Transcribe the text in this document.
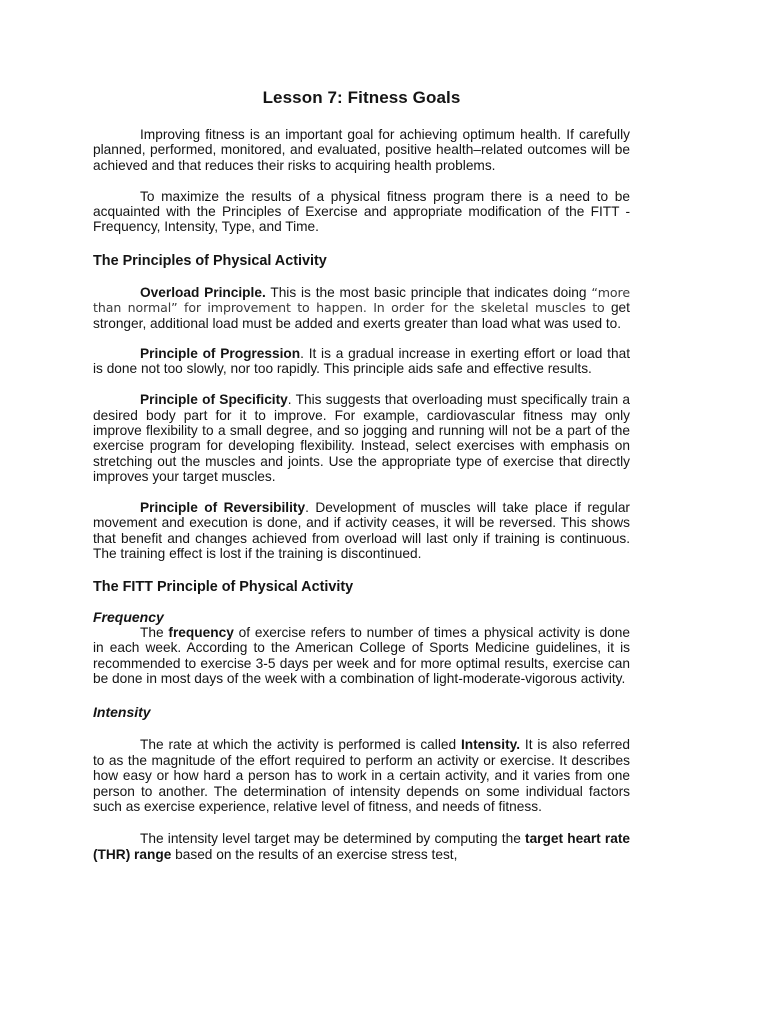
Lesson 7: Fitness Goals

Improving fitness is an important goal for achieving optimum health. If carefully planned, performed, monitored, and evaluated, positive health–related outcomes will be achieved and that reduces their risks to acquiring health problems.

To maximize the results of a physical fitness program there is a need to be acquainted with the Principles of Exercise and appropriate modification of the FITT - Frequency, Intensity, Type, and Time.

The Principles of Physical Activity

Overload Principle. This is the most basic principle that indicates doing “more than normal” for improvement to happen. In order for the skeletal muscles to get stronger, additional load must be added and exerts greater than load what was used to.

Principle of Progression. It is a gradual increase in exerting effort or load that is done not too slowly, nor too rapidly. This principle aids safe and effective results.

Principle of Specificity. This suggests that overloading must specifically train a desired body part for it to improve. For example, cardiovascular fitness may only improve flexibility to a small degree, and so jogging and running will not be a part of the exercise program for developing flexibility. Instead, select exercises with emphasis on stretching out the muscles and joints. Use the appropriate type of exercise that directly improves your target muscles.

Principle of Reversibility. Development of muscles will take place if regular movement and execution is done, and if activity ceases, it will be reversed. This shows that benefit and changes achieved from overload will last only if training is continuous. The training effect is lost if the training is discontinued.

The FITT Principle of Physical Activity
Frequency

The frequency of exercise refers to number of times a physical activity is done in each week. According to the American College of Sports Medicine guidelines, it is recommended to exercise 3-5 days per week and for more optimal results, exercise can be done in most days of the week with a combination of light-moderate-vigorous activity.

Intensity

The rate at which the activity is performed is called Intensity. It is also referred to as the magnitude of the effort required to perform an activity or exercise. It describes how easy or how hard a person has to work in a certain activity, and it varies from one person to another. The determination of intensity depends on some individual factors such as exercise experience, relative level of fitness, and needs of fitness.

The intensity level target may be determined by computing the target heart rate (THR) range based on the results of an exercise stress test,
